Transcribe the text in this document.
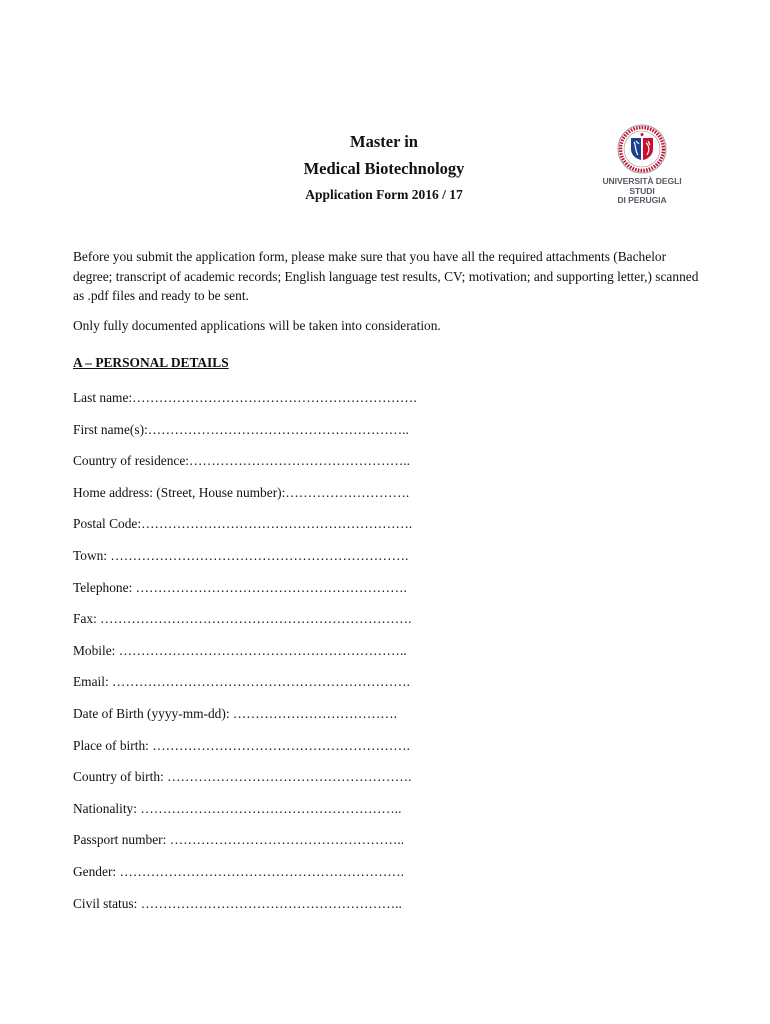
Master in
Medical Biotechnology
Application Form 2016 / 17
UNIVERSITÀ DEGLI STUDI
DI PERUGIA

Before you submit the application form, please make sure that you have all the required attachments (Bachelor degree; transcript of academic records; English language test results, CV; motivation; and supporting letter,) scanned as .pdf files and ready to be sent.

Only fully documented applications will be taken into consideration.

A – PERSONAL DETAILS
Last name:……………………………………………………….
First name(s):…………………………………………………..
Country of residence:…………………………………………..
Home address: (Street, House number):……………………….
Postal Code:…………………………………………………….
Town: ………………………………………………………….
Telephone: …………………………………………………….
Fax: …………………………………………………………….
Mobile: ………………………………………………………..
Email: ………………………………………………………….
Date of Birth (yyyy-mm-dd): ……………………………….
Place of birth: ………………………………………………….
Country of birth: ……………………………………………….
Nationality: …………………………………………………..
Passport number: ……………………………………………..
Gender: ……………………………………………………….
Civil status: …………………………………………………..
